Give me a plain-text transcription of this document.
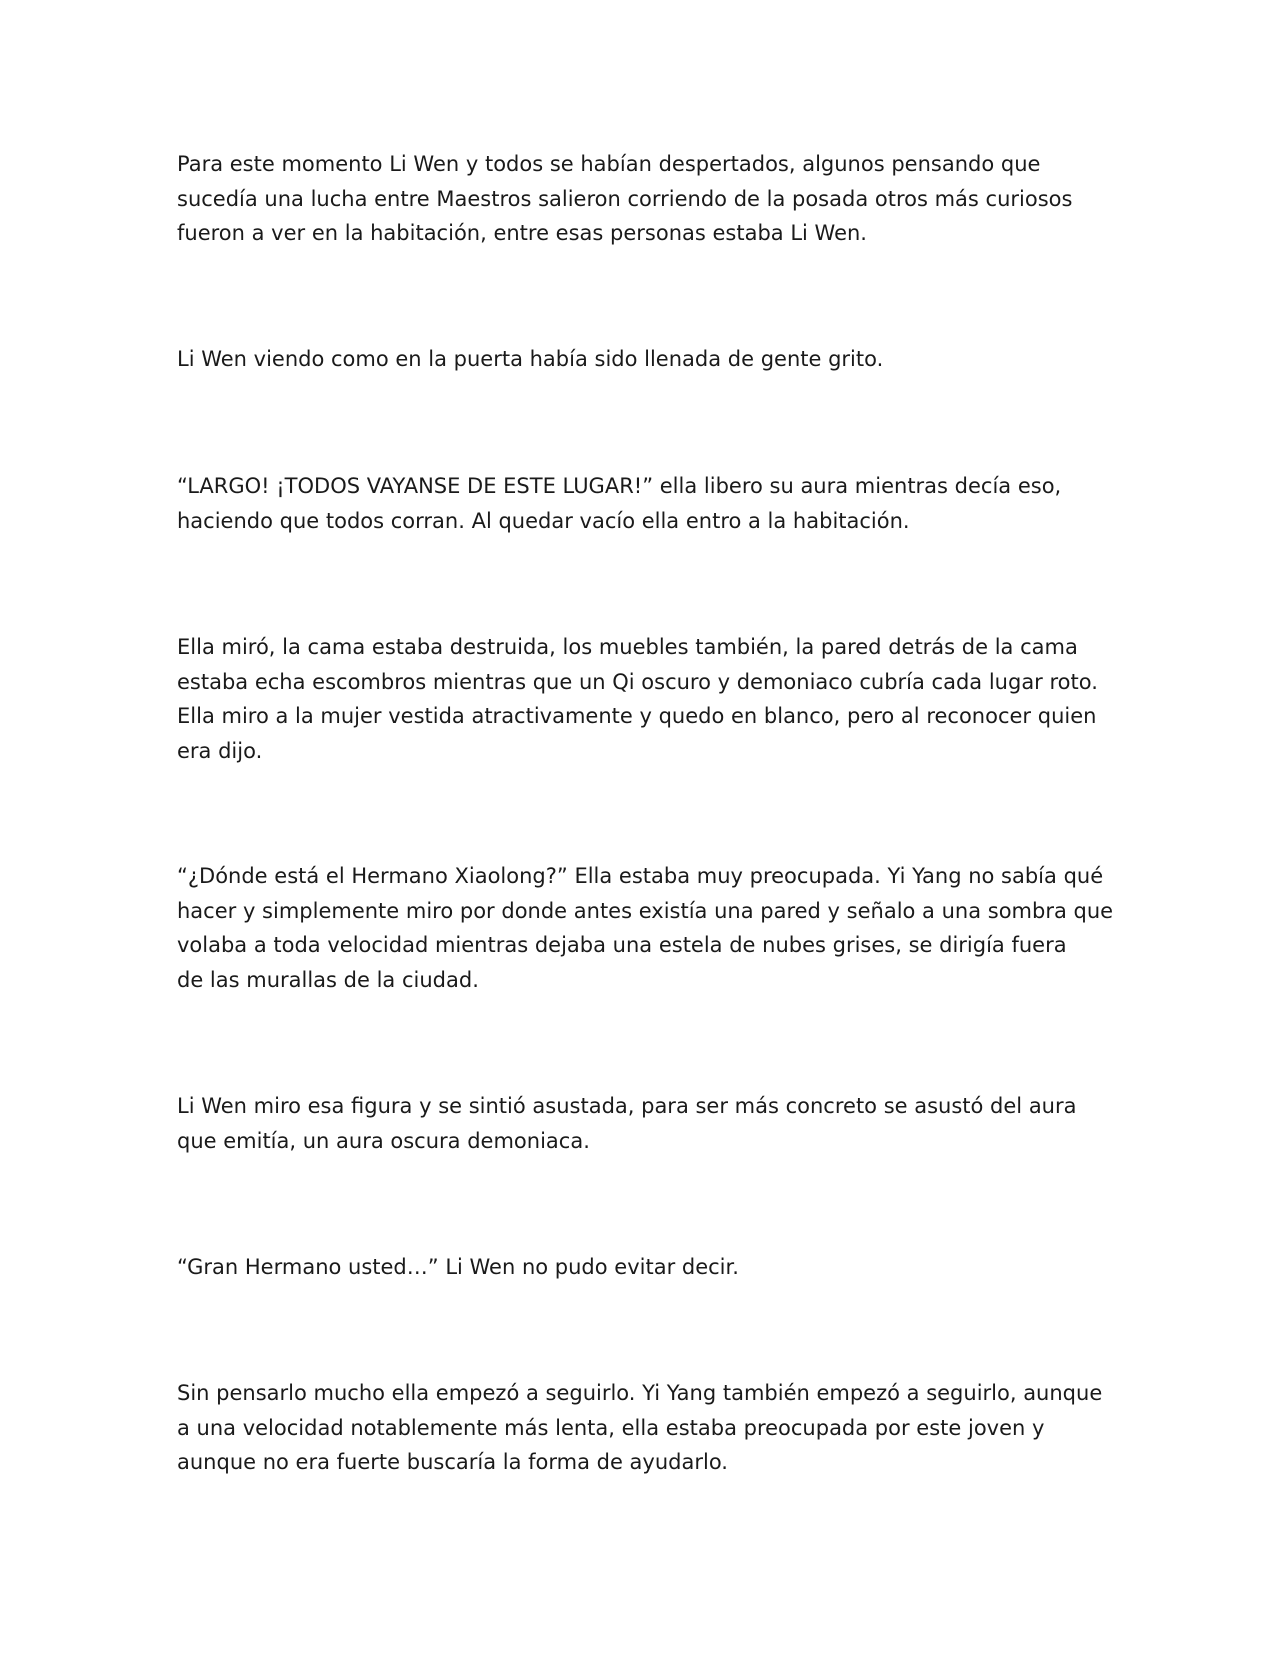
Para este momento Li Wen y todos se habían despertados, algunos pensando que
sucedía una lucha entre Maestros salieron corriendo de la posada otros más curiosos
fueron a ver en la habitación, entre esas personas estaba Li Wen.

Li Wen viendo como en la puerta había sido llenada de gente grito.

“LARGO! ¡TODOS VAYANSE DE ESTE LUGAR!” ella libero su aura mientras decía eso,
haciendo que todos corran. Al quedar vacío ella entro a la habitación.

Ella miró, la cama estaba destruida, los muebles también, la pared detrás de la cama
estaba echa escombros mientras que un Qi oscuro y demoniaco cubría cada lugar roto.
Ella miro a la mujer vestida atractivamente y quedo en blanco, pero al reconocer quien
era dijo.

“¿Dónde está el Hermano Xiaolong?” Ella estaba muy preocupada. Yi Yang no sabía qué
hacer y simplemente miro por donde antes existía una pared y señalo a una sombra que
volaba a toda velocidad mientras dejaba una estela de nubes grises, se dirigía fuera
de las murallas de la ciudad.

Li Wen miro esa figura y se sintió asustada, para ser más concreto se asustó del aura
que emitía, un aura oscura demoniaca.

“Gran Hermano usted…” Li Wen no pudo evitar decir.

Sin pensarlo mucho ella empezó a seguirlo. Yi Yang también empezó a seguirlo, aunque
a una velocidad notablemente más lenta, ella estaba preocupada por este joven y
aunque no era fuerte buscaría la forma de ayudarlo.
